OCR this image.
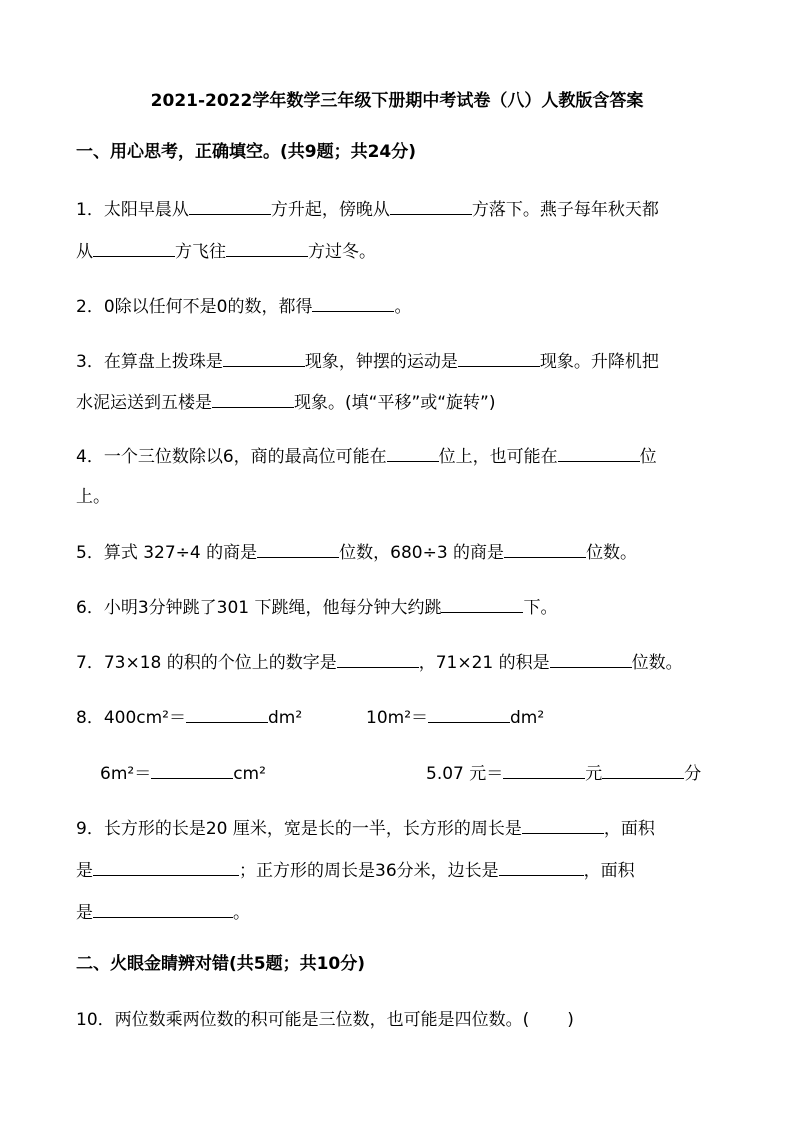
2021-2022学年数学三年级下册期中考试卷（八）人教版含答案
一、用心思考，正确填空。(共9题；共24分)
1．太阳早晨从	方升起，傍晚从	方落下。燕子每年秋天都
从	方飞往	方过冬。
2．0除以任何不是0的数，都得	。
3．在算盘上拨珠是	现象，钟摆的运动是	现象。升降机把
水泥运送到五楼是	现象。(填“平移”或“旋转”)
4．一个三位数除以6，商的最高位可能在	位上，也可能在	位
上。
5．算式 327÷4 的商是	位数，680÷3 的商是	位数。
6．小明3分钟跳了301 下跳绳，他每分钟大约跳	下。
7．73×18 的积的个位上的数字是	，71×21 的积是	位数。
8．400cm²＝	dm²	10m²＝	dm²
6m²＝	cm²	5.07 元＝	元	分
9．长方形的长是20 厘米，宽是长的一半，长方形的周长是	，面积
是	；正方形的周长是36分米，边长是	，面积
是	。
二、火眼金睛辨对错(共5题；共10分)
10．两位数乘两位数的积可能是三位数，也可能是四位数。( )
